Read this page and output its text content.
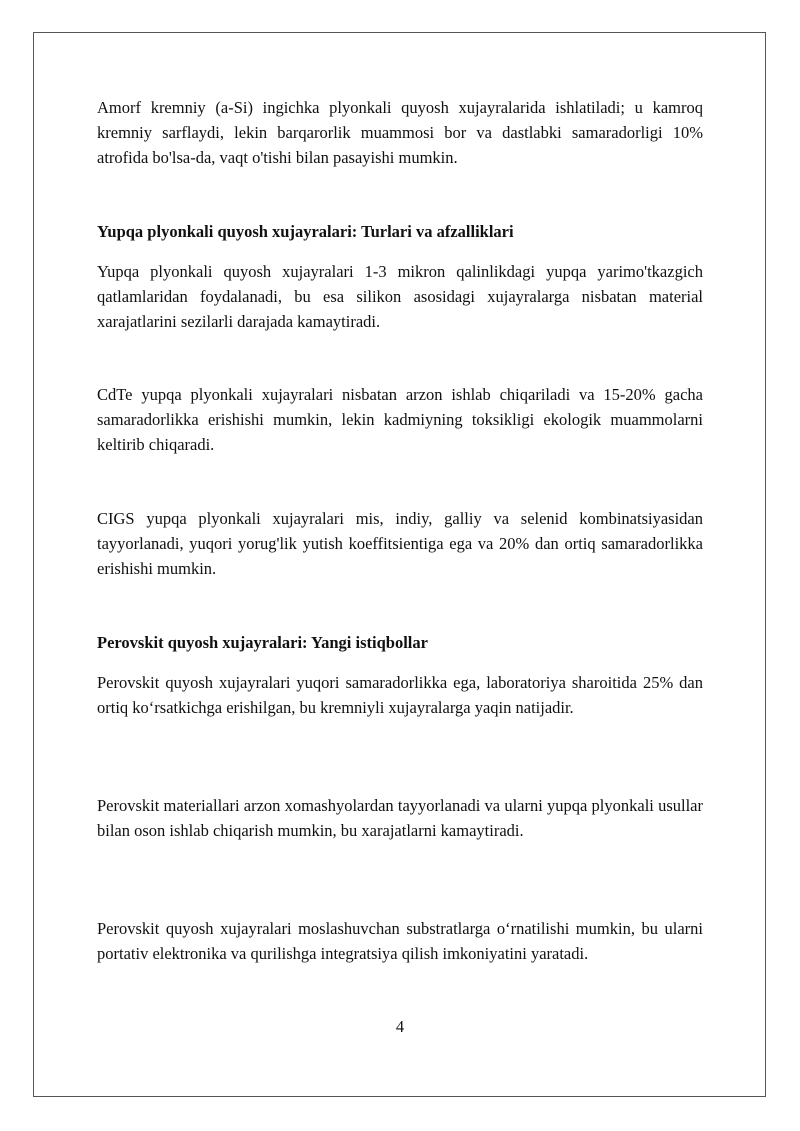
Amorf kremniy (a-Si) ingichka plyonkali quyosh xujayralarida ishlatiladi; u kamroq kremniy sarflaydi, lekin barqarorlik muammosi bor va dastlabki samaradorligi 10% atrofida bo'lsa-da, vaqt o'tishi bilan pasayishi mumkin.

Yupqa plyonkali quyosh xujayralari: Turlari va afzalliklari

Yupqa plyonkali quyosh xujayralari 1-3 mikron qalinlikdagi yupqa yarimo'tkazgich qatlamlaridan foydalanadi, bu esa silikon asosidagi xujayralarga nisbatan material xarajatlarini sezilarli darajada kamaytiradi.

CdTe yupqa plyonkali xujayralari nisbatan arzon ishlab chiqariladi va 15-20% gacha samaradorlikka erishishi mumkin, lekin kadmiyning toksikligi ekologik muammolarni keltirib chiqaradi.

CIGS yupqa plyonkali xujayralari mis, indiy, galliy va selenid kombinatsiyasidan tayyorlanadi, yuqori yorug'lik yutish koeffitsientiga ega va 20% dan ortiq samaradorlikka erishishi mumkin.

Perovskit quyosh xujayralari: Yangi istiqbollar

Perovskit quyosh xujayralari yuqori samaradorlikka ega, laboratoriya sharoitida 25% dan ortiq ko‘rsatkichga erishilgan, bu kremniyli xujayralarga yaqin natijadir.

Perovskit materiallari arzon xomashyolardan tayyorlanadi va ularni yupqa plyonkali usullar bilan oson ishlab chiqarish mumkin, bu xarajatlarni kamaytiradi.

Perovskit quyosh xujayralari moslashuvchan substratlarga o‘rnatilishi mumkin, bu ularni portativ elektronika va qurilishga integratsiya qilish imkoniyatini yaratadi.

4
